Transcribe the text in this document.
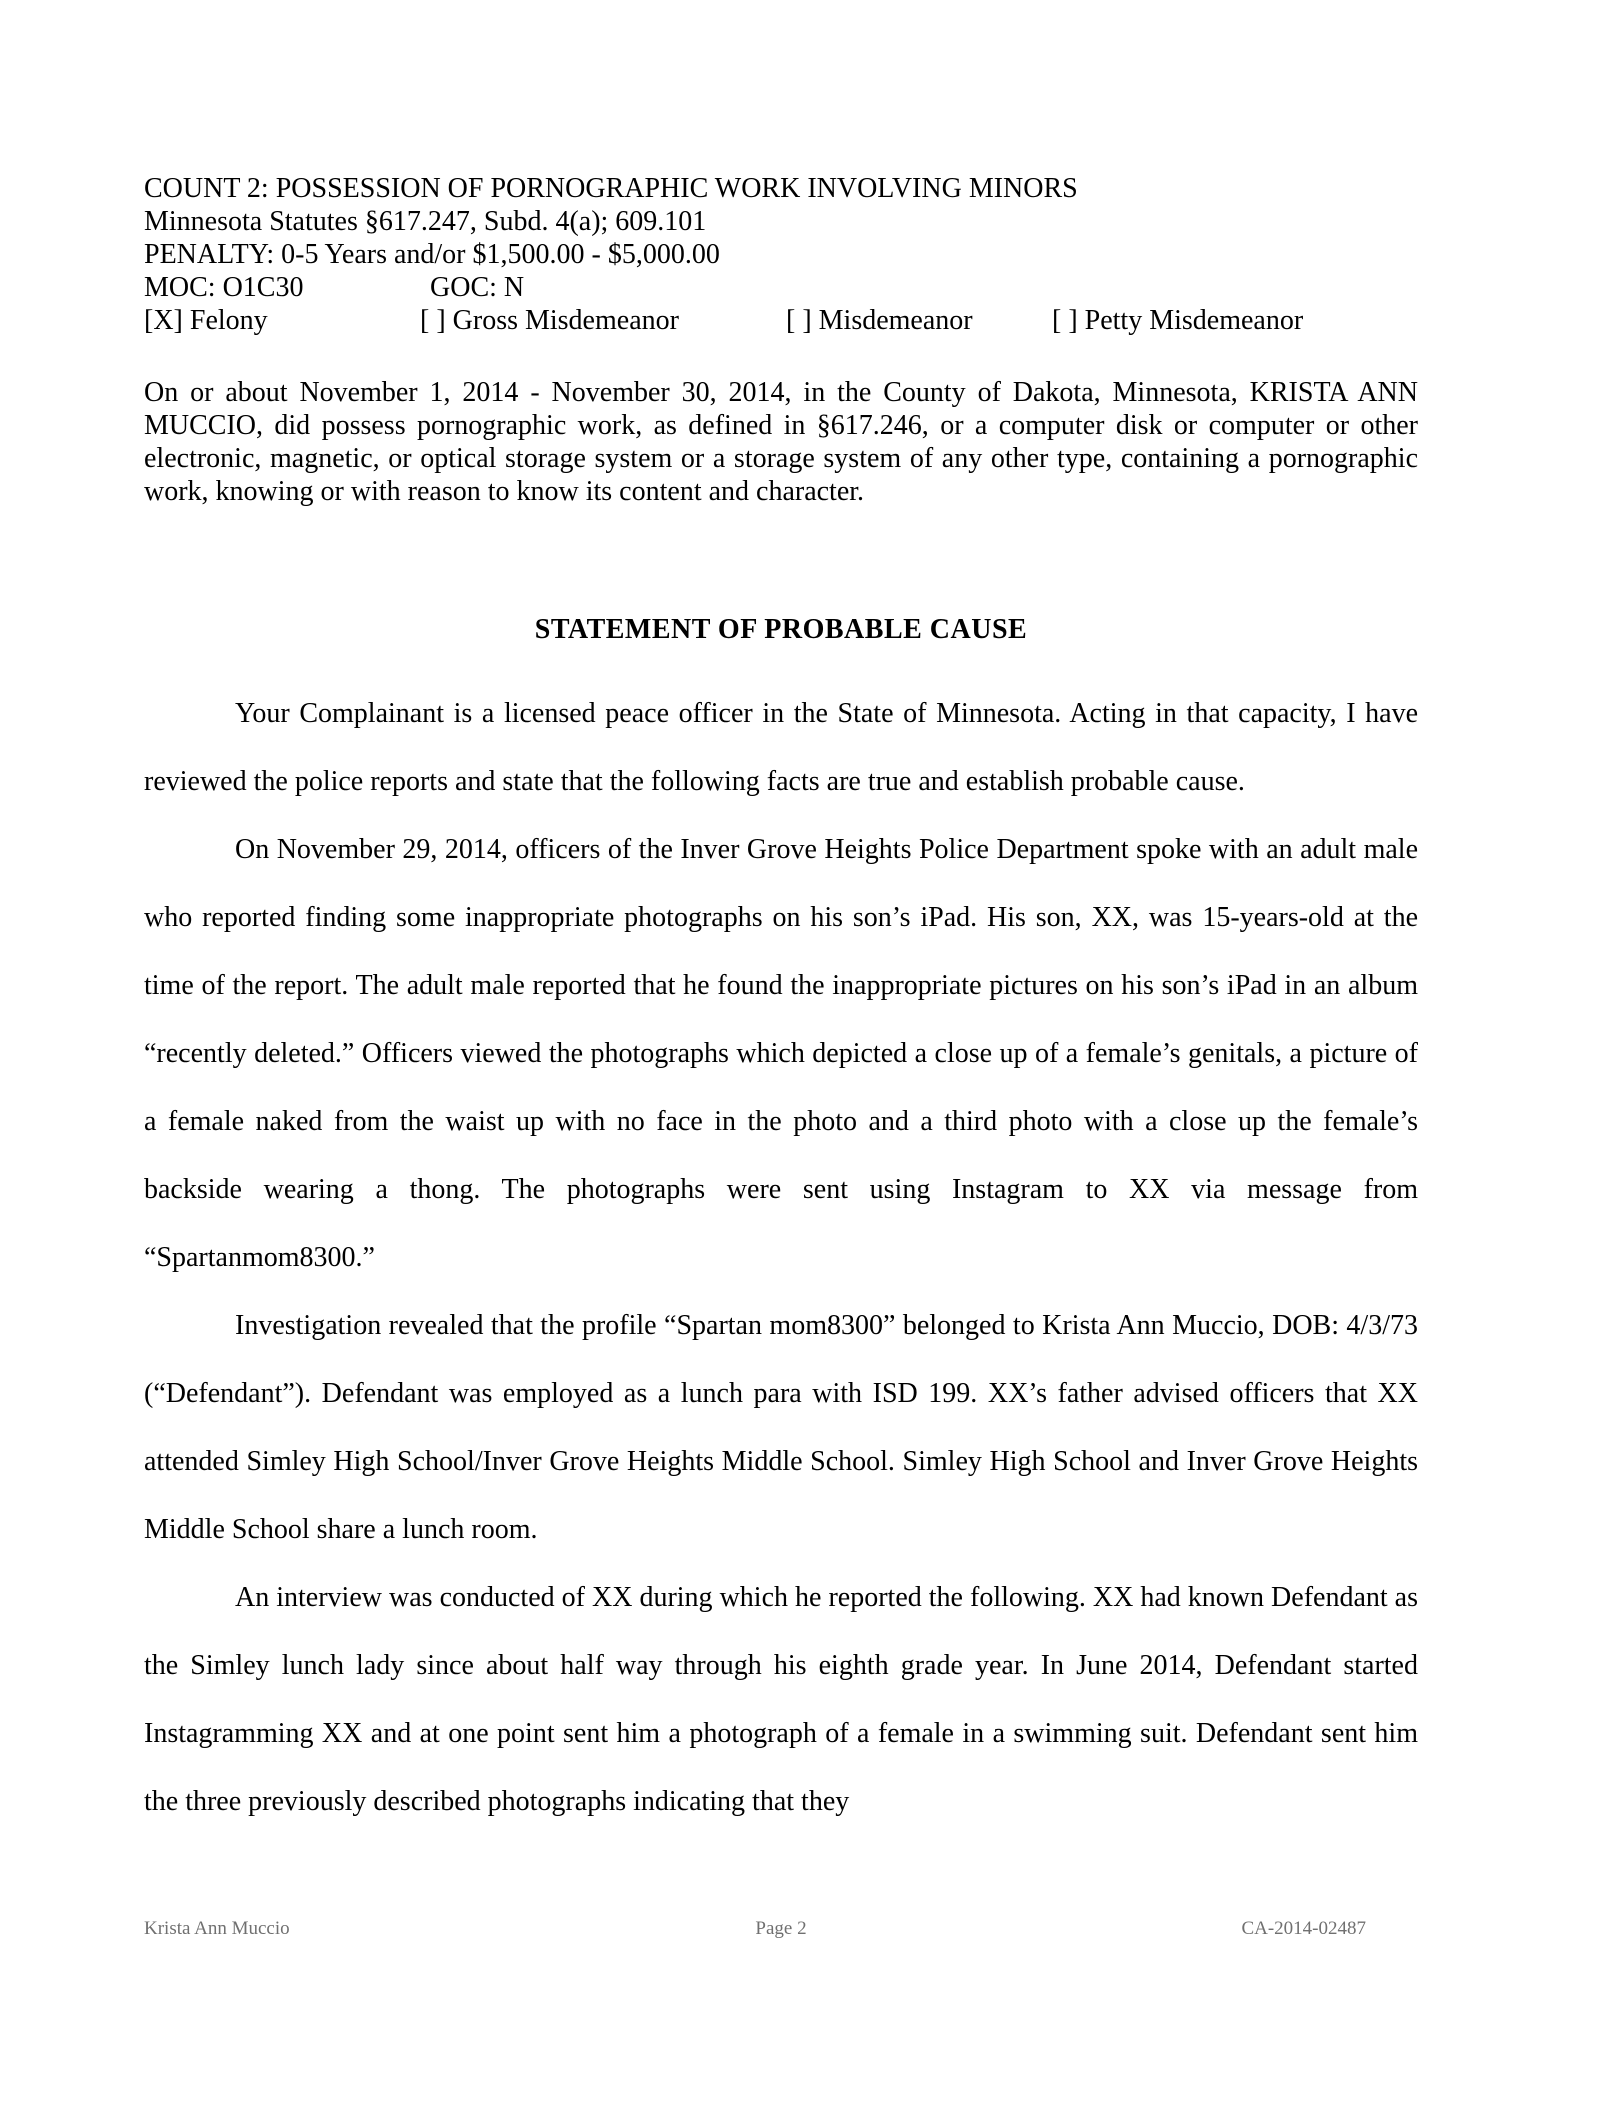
COUNT 2: POSSESSION OF PORNOGRAPHIC WORK INVOLVING MINORS
Minnesota Statutes §617.247, Subd. 4(a); 609.101
PENALTY: 0-5 Years and/or $1,500.00 - $5,000.00
MOC: O1C30	GOC: N
[X] Felony	[ ] Gross Misdemeanor	[ ] Misdemeanor	[ ] Petty Misdemeanor
On or about November 1, 2014 - November 30, 2014, in the County of Dakota, Minnesota, KRISTA ANN MUCCIO, did possess pornographic work, as defined in §617.246, or a computer disk or computer or other electronic, magnetic, or optical storage system or a storage system of any other type, containing a pornographic work, knowing or with reason to know its content and character.
STATEMENT OF PROBABLE CAUSE

Your Complainant is a licensed peace officer in the State of Minnesota. Acting in that capacity, I have reviewed the police reports and state that the following facts are true and establish probable cause.

On November 29, 2014, officers of the Inver Grove Heights Police Department spoke with an adult male who reported finding some inappropriate photographs on his son’s iPad. His son, XX, was 15-years-old at the time of the report. The adult male reported that he found the inappropriate pictures on his son’s iPad in an album “recently deleted.” Officers viewed the photographs which depicted a close up of a female’s genitals, a picture of a female naked from the waist up with no face in the photo and a third photo with a close up the female’s backside wearing a thong. The photographs were sent using Instagram to XX via message from “Spartanmom8300.”

Investigation revealed that the profile “Spartan mom8300” belonged to Krista Ann Muccio, DOB: 4/3/73 (“Defendant”). Defendant was employed as a lunch para with ISD 199. XX’s father advised officers that XX attended Simley High School/Inver Grove Heights Middle School. Simley High School and Inver Grove Heights Middle School share a lunch room.

An interview was conducted of XX during which he reported the following. XX had known Defendant as the Simley lunch lady since about half way through his eighth grade year. In June 2014, Defendant started Instagramming XX and at one point sent him a photograph of a female in a swimming suit. Defendant sent him the three previously described photographs indicating that they

Krista Ann Muccio	Page 2	CA-2014-02487
